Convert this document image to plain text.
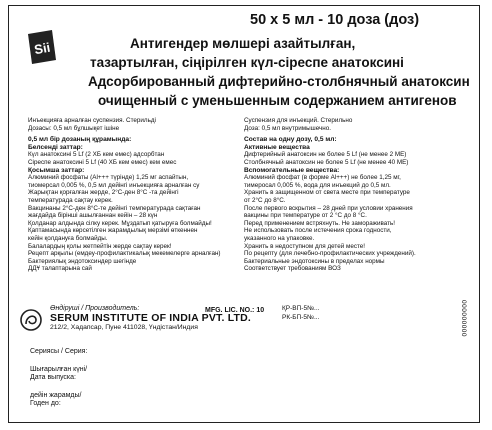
Sii
50 х 5 мл - 10 доза (доз)
Антигендер мөлшері азайтылған,
тазартылған, сіңірілген күл-сіреспе анатоксині
Адсорбированный дифтерийно-столбнячный анатоксин
очищенный с уменьшенным содержанием антигенов
Инъекцияға арналған суспензия. Стерильді
Дозасы: 0,5 мл бұлшықет ішіне
0,5 мл бір дозаның құрамында:
Белсенді заттар:
Күл анатоксині 5 Lf (2 ХБ кем емес) адсорбтан
Сіреспе анатоксині 5 Lf (40 ХБ кем емес) кем емес
Қосымша заттар:
Алюминий фосфаты (Al+++ түрінде) 1,25 мг аспайтын,
тиомерсал 0,005 %, 0,5 мл дейінгі инъекцияға арналған су
Жарықтан қорғалған жерде, 2°C-ден 8°C -та дейінгі
температурада сақтау керек.
Вакцинаны 2°C-ден 8°C-те дейінгі температурада сақтаған
жағдайда бірінші ашылғаннан кейін – 28 күн
Қолданар алдында сілку керек. Мұздатып қатыруға болмайды!
Қаптамасында көрсетілген жарамдылық мерзімі өткеннен
кейін қолдануға болмайды.
Балалардың қолы жетпейтін жерде сақтау керек!
Рецепт арқылы (емдеу-профилактикалық мекемелерге арналған)
Бактериялық эндотоксиндер шегінде
ДДҰ талаптарына сай
Суспензия для инъекций. Стерильно
Доза: 0,5 мл внутримышечно.
Состав на одну дозу, 0,5 мл:
Активные вещества
Дифтерийный анатоксин не более 5 Lf (не менее 2 МЕ)
Столбнячный анатоксин не более 5 Lf (не менее 40 МЕ)
Вспомогательные вещества:
Алюминий фосфат (в форме Al+++) не более 1,25 мг,
тимеросал 0,005 %, вода для инъекций до 0,5 мл.
Хранить в защищенном от света месте при температуре
от 2°C до 8°C.
После первого вскрытия – 28 дней при условии хранения
вакцины при температуре от 2 °C до 8 °C.
Перед применением встряхнуть. Не замораживать!
Не использовать после истечения срока годности,
указанного на упаковке.
Хранить в недоступном для детей месте!
По рецепту (для лечебно-профилактических учреждений).
Бактериальные эндотоксины в пределах нормы
Соответствует требованиям ВОЗ
000000000
Өндіруші / Производитель:
SERUM INSTITUTE OF INDIA PVT. LTD.
212/2, Хадапсар, Пуне 411028, Үндістан/Индия
MFG. LIC. NO.: 10	ҚР-ВП-5№...
РК-БП-5№...
Сериясы / Серия:
Шығарылған күні/
Дата выпуска:
дейін жарамды/
Годен до:
